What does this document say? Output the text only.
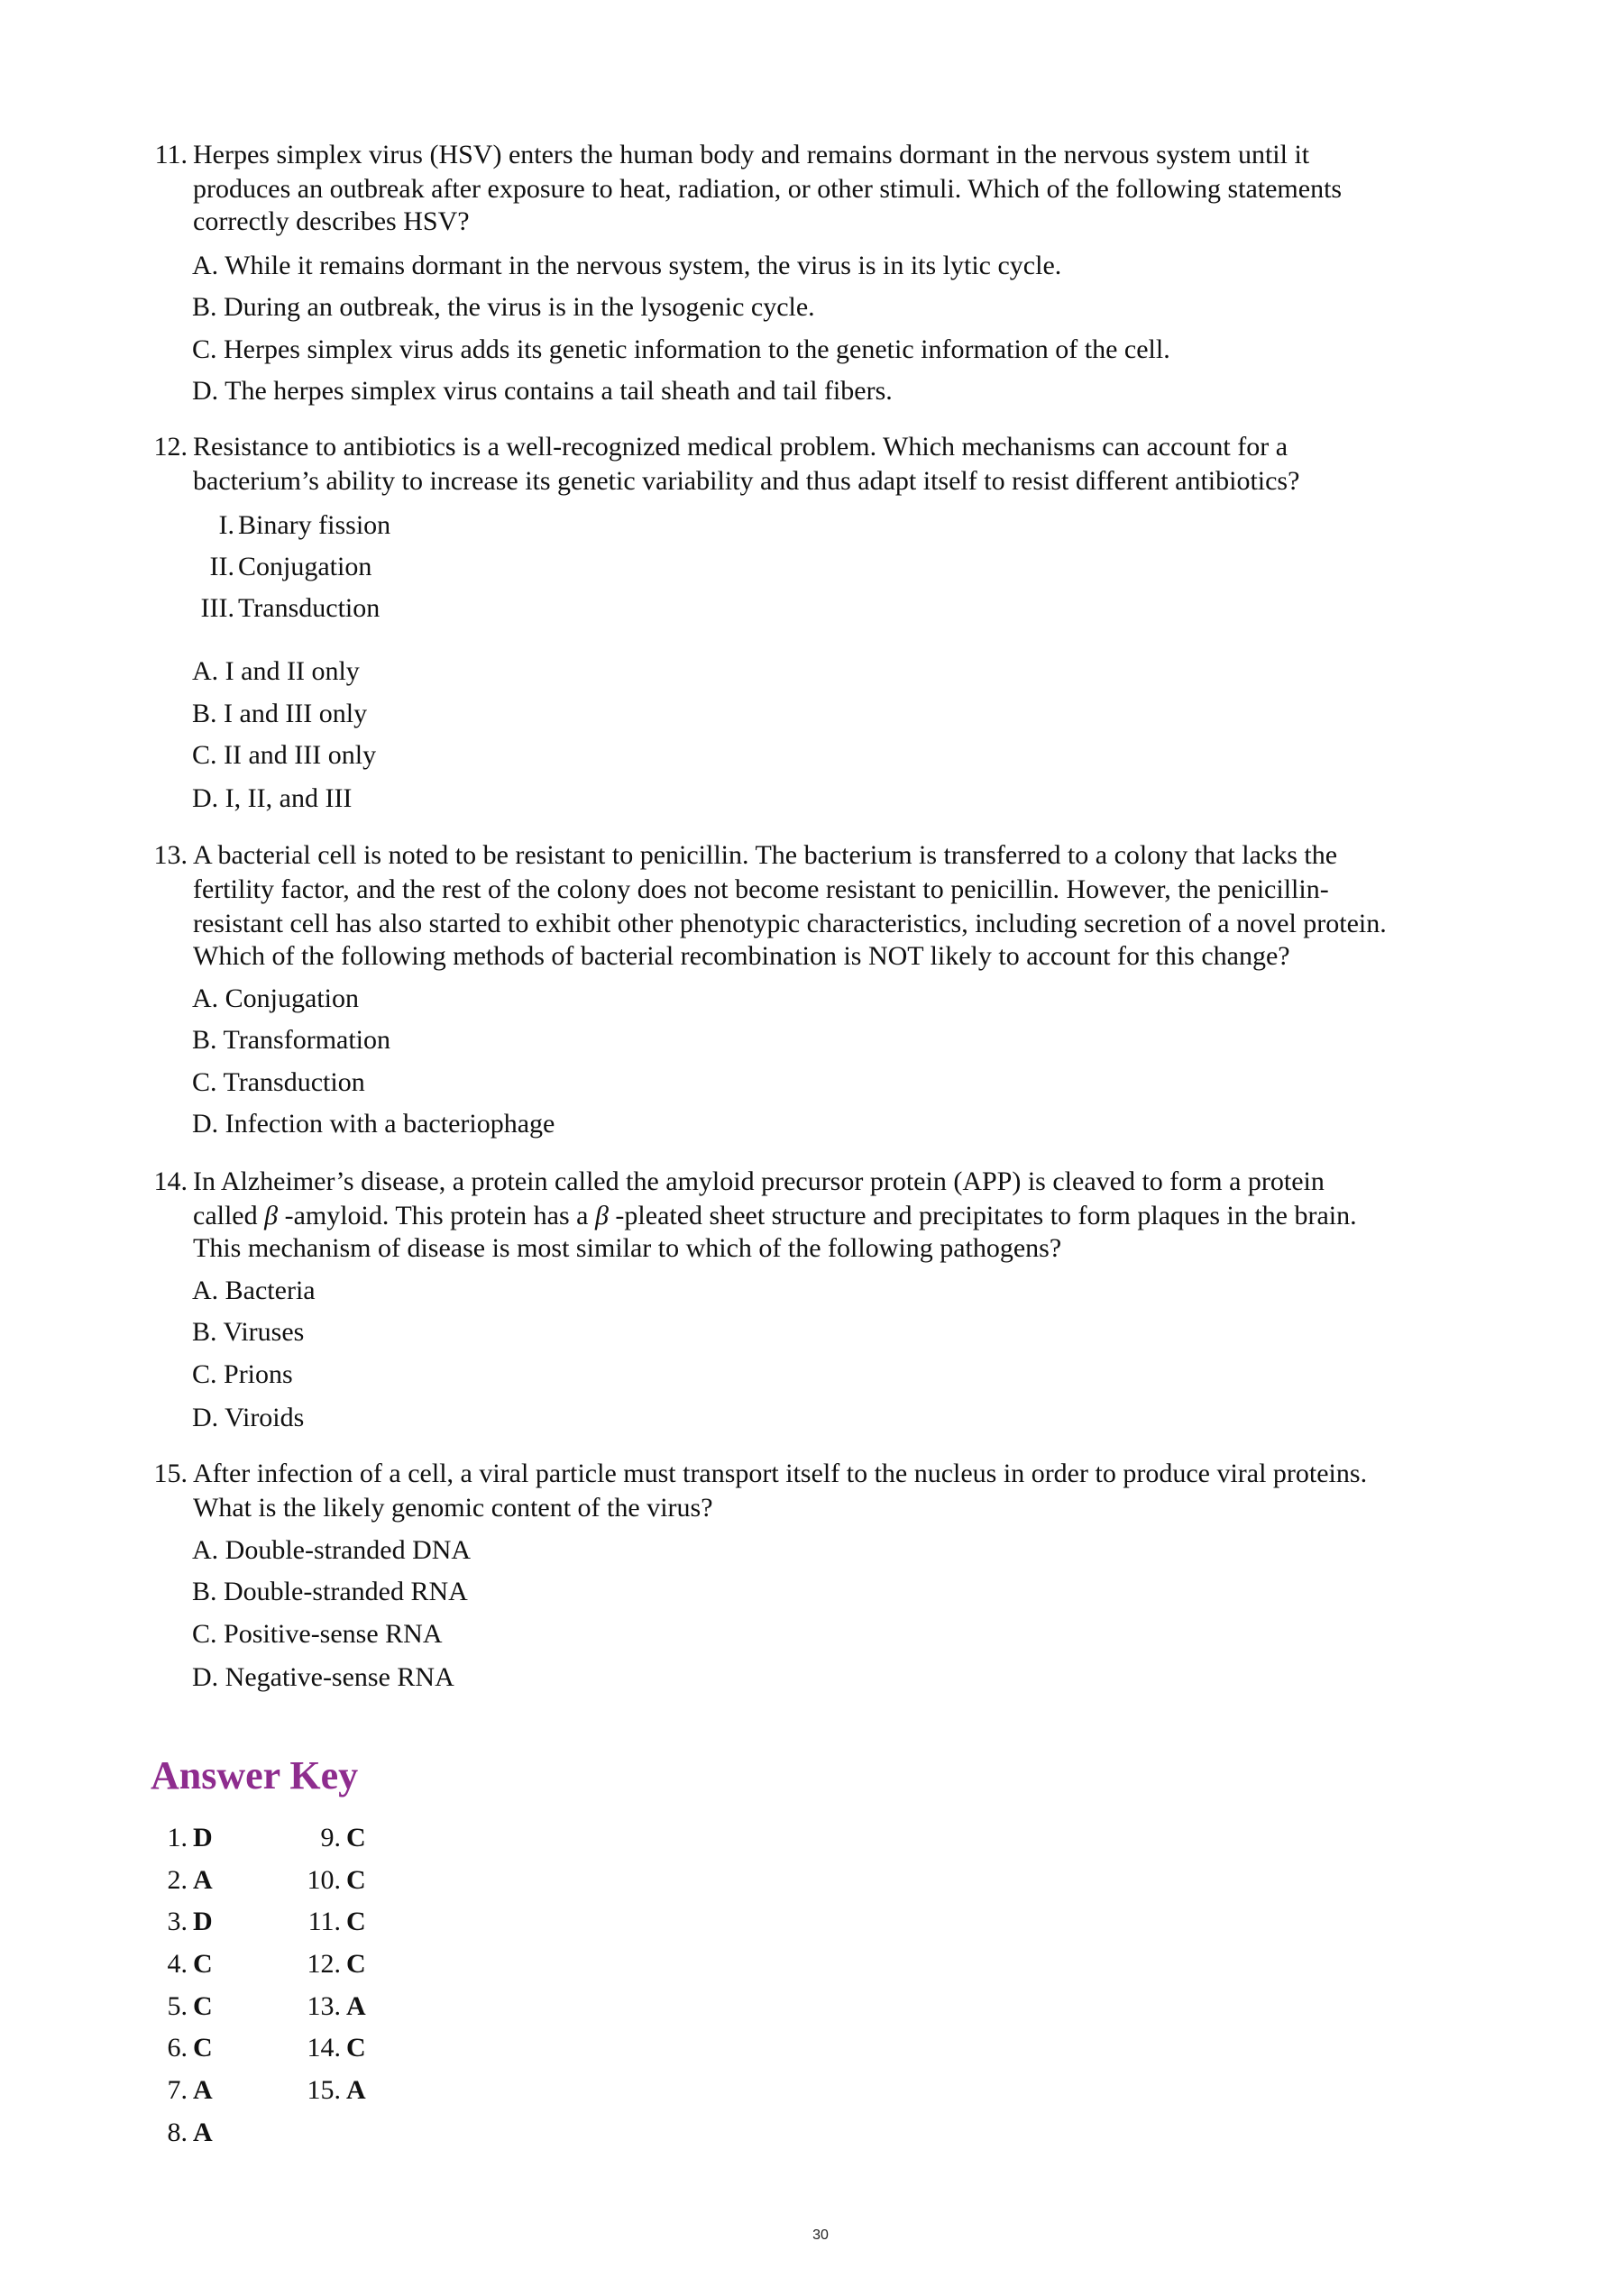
11. Herpes simplex virus (HSV) enters the human body and remains dormant in the nervous system until it
produces an outbreak after exposure to heat, radiation, or other stimuli. Which of the following statements
correctly describes HSV?
A. While it remains dormant in the nervous system, the virus is in its lytic cycle.
B. During an outbreak, the virus is in the lysogenic cycle.
C. Herpes simplex virus adds its genetic information to the genetic information of the cell.
D. The herpes simplex virus contains a tail sheath and tail fibers.
12. Resistance to antibiotics is a well-recognized medical problem. Which mechanisms can account for a
bacterium’s ability to increase its genetic variability and thus adapt itself to resist different antibiotics?
I. Binary fission
II. Conjugation
III. Transduction
A. I and II only
B. I and III only
C. II and III only
D. I, II, and III
13. A bacterial cell is noted to be resistant to penicillin. The bacterium is transferred to a colony that lacks the
fertility factor, and the rest of the colony does not become resistant to penicillin. However, the penicillin-
resistant cell has also started to exhibit other phenotypic characteristics, including secretion of a novel protein.
Which of the following methods of bacterial recombination is NOT likely to account for this change?
A. Conjugation
B. Transformation
C. Transduction
D. Infection with a bacteriophage
14. In Alzheimer’s disease, a protein called the amyloid precursor protein (APP) is cleaved to form a protein
called β -amyloid. This protein has a β -pleated sheet structure and precipitates to form plaques in the brain.
This mechanism of disease is most similar to which of the following pathogens?
A. Bacteria
B. Viruses
C. Prions
D. Viroids
15. After infection of a cell, a viral particle must transport itself to the nucleus in order to produce viral proteins.
What is the likely genomic content of the virus?
A. Double-stranded DNA
B. Double-stranded RNA
C. Positive-sense RNA
D. Negative-sense RNA
Answer Key
1. D
2. A
3. D
4. C
5. C
6. C
7. A
8. A
9. C
10. C
11. C
12. C
13. A
14. C
15. A
30
